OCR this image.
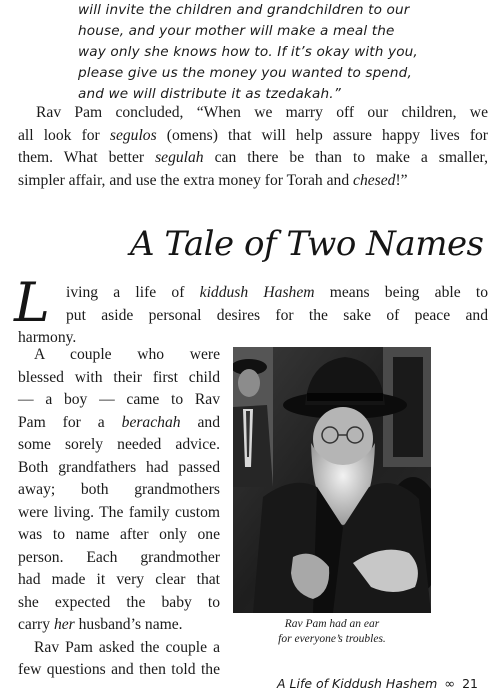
will invite the children and grandchildren to our
house, and your mother will make a meal the
way only she knows how to. If it’s okay with you,
please give us the money you wanted to spend,
and we will distribute it as tzedakah.”
Rav Pam concluded, “When we marry off our children, we
all look for segulos (omens) that will help assure happy lives for
them. What better segulah can there be than to make a smaller,
simpler affair, and use the extra money for Torah and chesed!”
A Tale of Two Names
L	iving a life of kiddush Hashem means being able to
put aside personal desires for the sake of peace and
harmony.
A couple who were
blessed with their first child
— a boy — came to Rav
Pam for a berachah and
some sorely needed advice.
Both grandfathers had passed
away; both grandmothers
were living. The family custom
was to name after only one
person. Each grandmother
had made it very clear that
she expected the baby to
carry her husband’s name.
Rav Pam asked the couple a
few questions and then told the
Rav Pam had an ear
for everyone’s troubles.
A Life of Kiddush Hashem ∞ 21
